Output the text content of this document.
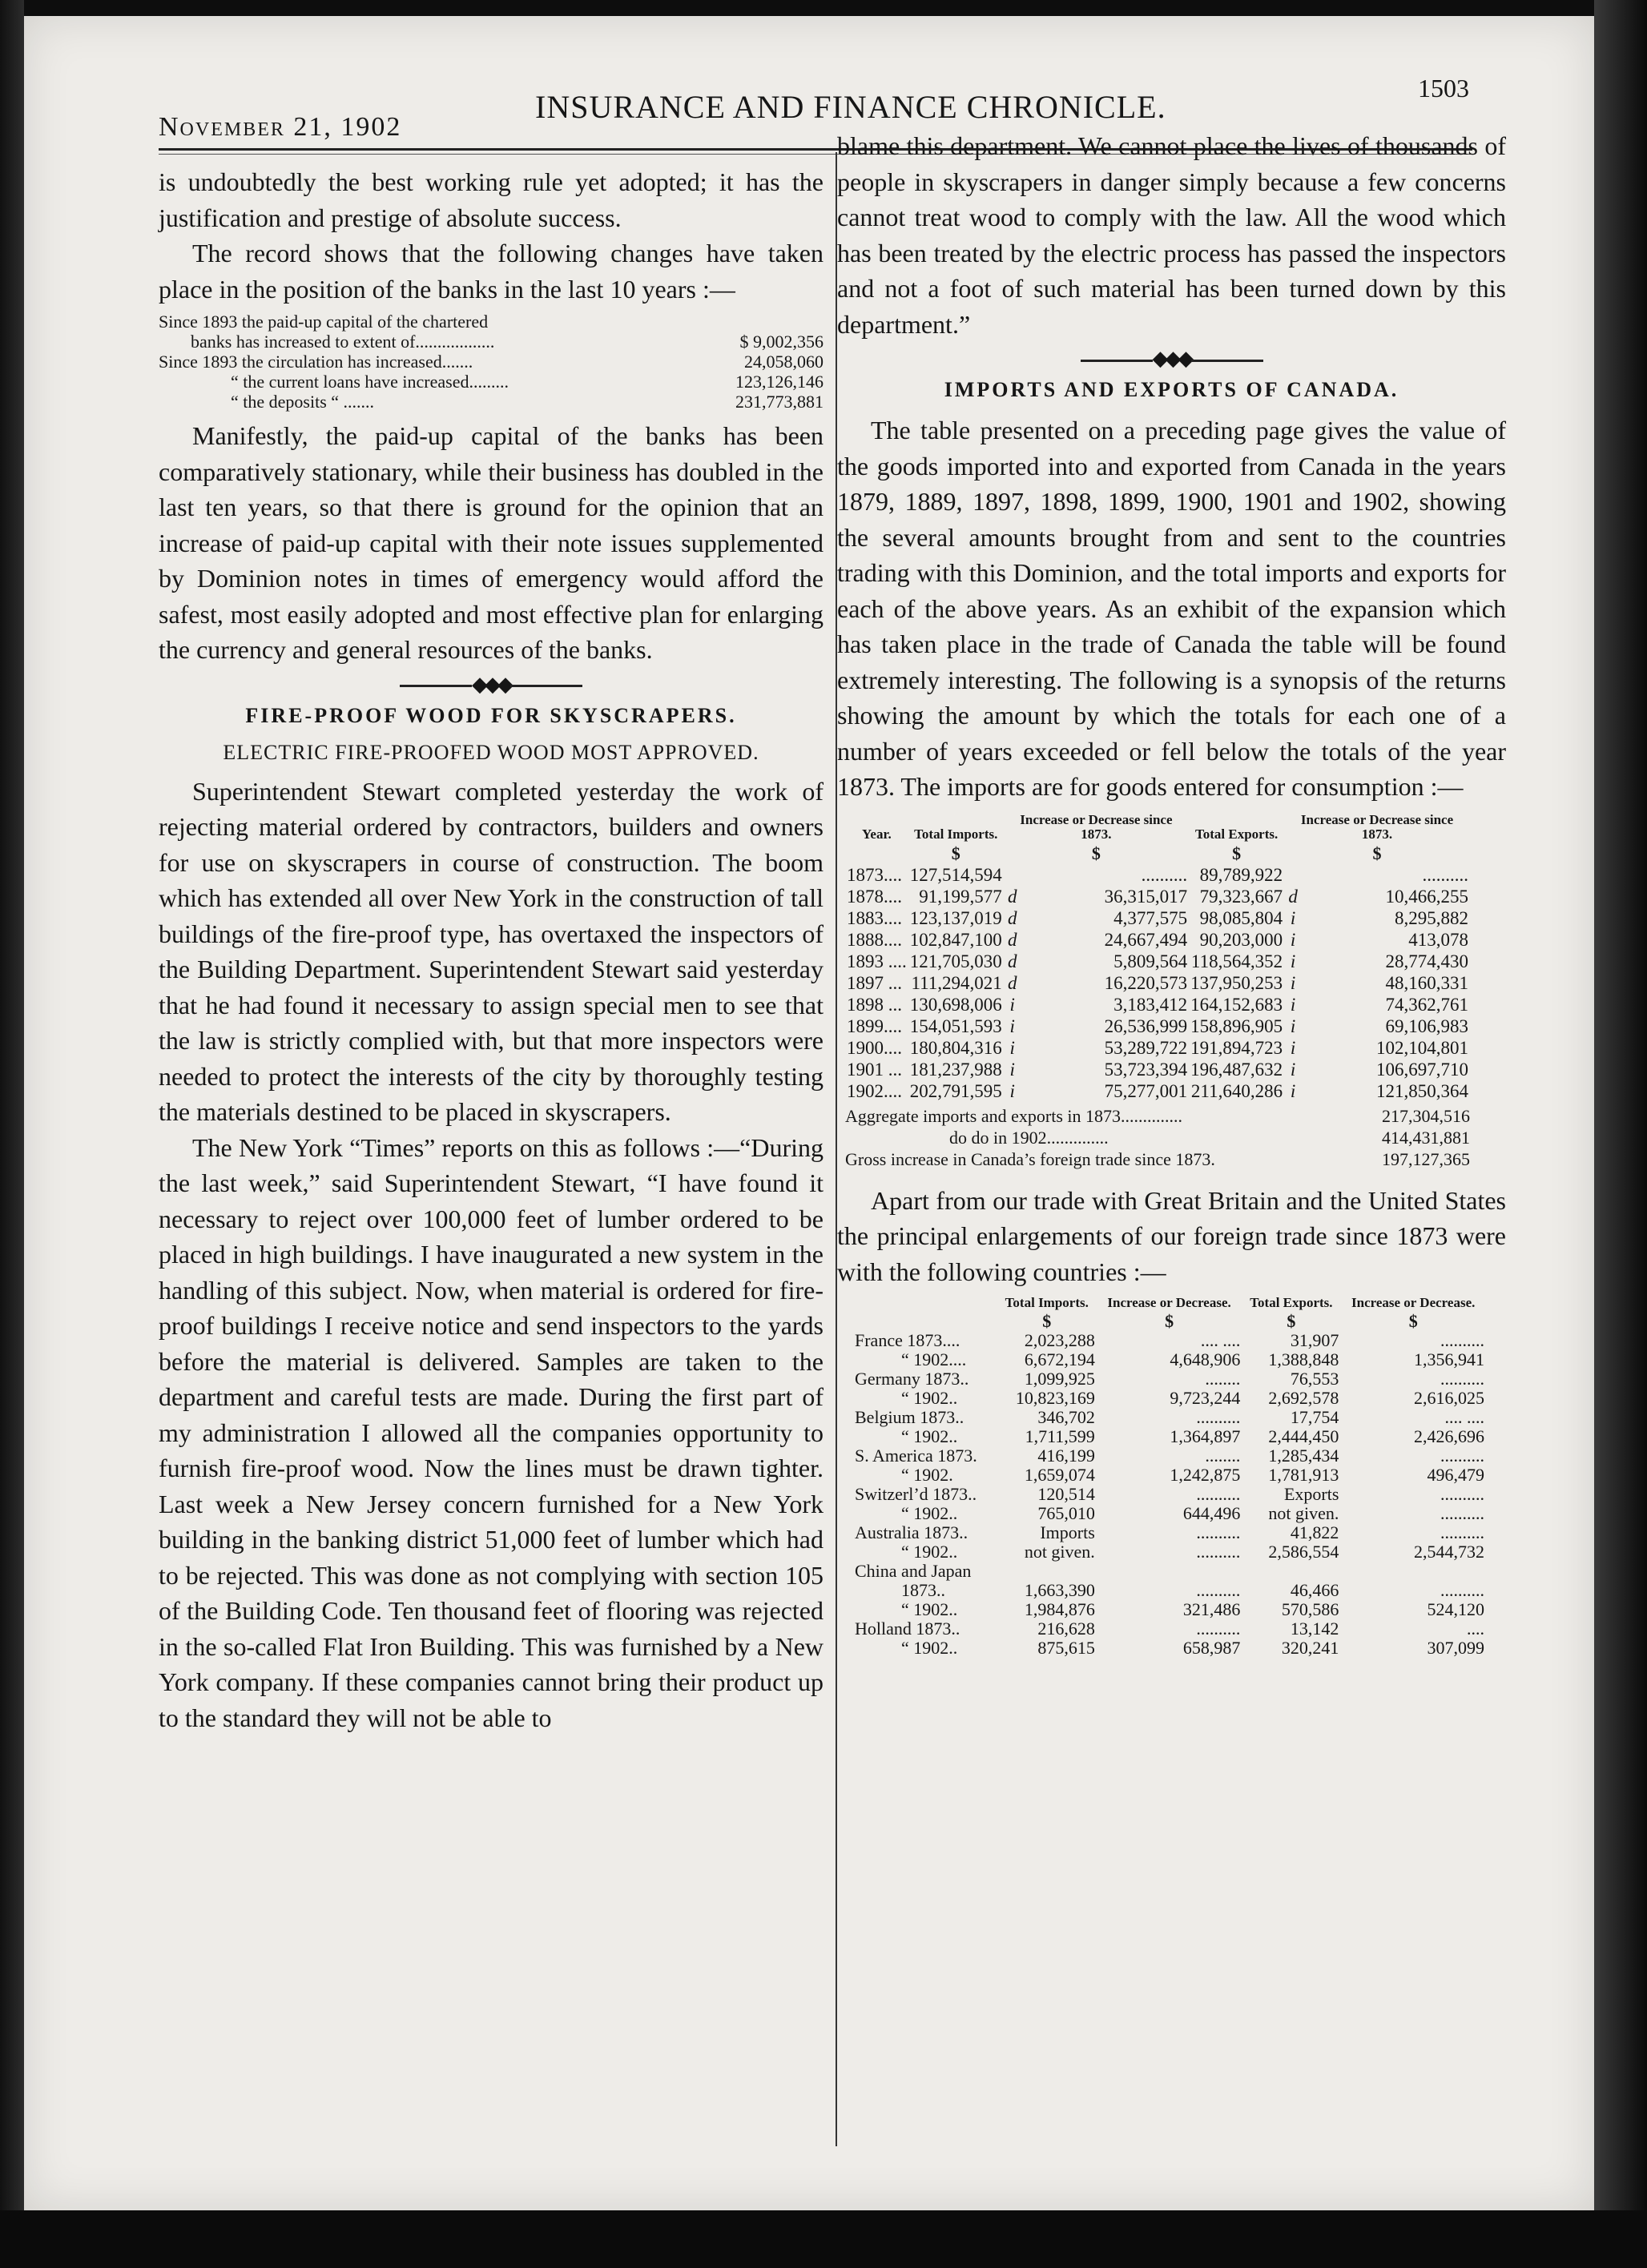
November 21, 1902
INSURANCE AND FINANCE CHRONICLE.
1503

is undoubtedly the best working rule yet adopted; it has the justification and prestige of absolute success.

The record shows that the following changes have taken place in the position of the banks in the last 10 years :—

Since 1893 the paid-up capital of the chartered
banks has increased to extent of..................	$ 9,002,356
Since 1893 the circulation has increased.......	24,058,060
“ the current loans have increased.........	123,126,146
“ the deposits “ .......	231,773,881

Manifestly, the paid-up capital of the banks has been comparatively stationary, while their business has doubled in the last ten years, so that there is ground for the opinion that an increase of paid-up capital with their note issues supplemented by Dominion notes in times of emergency would afford the safest, most easily adopted and most effective plan for enlarging the currency and general resources of the banks.

◆◆◆
FIRE-PROOF WOOD FOR SKYSCRAPERS.
ELECTRIC FIRE-PROOFED WOOD MOST APPROVED.

Superintendent Stewart completed yesterday the work of rejecting material ordered by contractors, builders and owners for use on skyscrapers in course of construction. The boom which has extended all over New York in the construction of tall buildings of the fire-proof type, has overtaxed the inspectors of the Building Department. Superintendent Stewart said yesterday that he had found it necessary to assign special men to see that the law is strictly complied with, but that more inspectors were needed to protect the interests of the city by thoroughly testing the materials destined to be placed in skyscrapers.

The New York “Times” reports on this as follows :—“During the last week,” said Superintendent Stewart, “I have found it necessary to reject over 100,000 feet of lumber ordered to be placed in high buildings. I have inaugurated a new system in the handling of this subject. Now, when material is ordered for fire-proof buildings I receive notice and send inspectors to the yards before the material is delivered. Samples are taken to the department and careful tests are made. During the first part of my administration I allowed all the companies opportunity to furnish fire-proof wood. Now the lines must be drawn tighter. Last week a New Jersey concern furnished for a New York building in the banking district 51,000 feet of lumber which had to be rejected. This was done as not complying with section 105 of the Building Code. Ten thousand feet of flooring was rejected in the so-called Flat Iron Building. This was furnished by a New York company. If these companies cannot bring their product up to the standard they will not be able to

blame this department. We cannot place the lives of thousands of people in skyscrapers in danger simply because a few concerns cannot treat wood to comply with the law. All the wood which has been treated by the electric process has passed the inspectors and not a foot of such material has been turned down by this department.”

◆◆◆
IMPORTS AND EXPORTS OF CANADA.

The table presented on a preceding page gives the value of the goods imported into and exported from Canada in the years 1879, 1889, 1897, 1898, 1899, 1900, 1901 and 1902, showing the several amounts brought from and sent to the countries trading with this Dominion, and the total imports and exports for each of the above years. As an exhibit of the expansion which has taken place in the trade of Canada the table will be found extremely interesting. The following is a synopsis of the returns showing the amount by which the totals for each one of a number of years exceeded or fell below the totals of the year 1873. The imports are for goods entered for consumption :—

Year.	Total Imports.	Increase or Decrease since 1873.		Total Exports.	Increase or Decrease since 1873.	
	$	$		$	$	
1873....	127,514,594		..........	89,789,922		..........
1878....	91,199,577	d	36,315,017	79,323,667	d	10,466,255
1883....	123,137,019	d	4,377,575	98,085,804	i	8,295,882
1888....	102,847,100	d	24,667,494	90,203,000	i	413,078
1893 ....	121,705,030	d	5,809,564	118,564,352	i	28,774,430
1897 ...	111,294,021	d	16,220,573	137,950,253	i	48,160,331
1898 ...	130,698,006	i	3,183,412	164,152,683	i	74,362,761
1899....	154,051,593	i	26,536,999	158,896,905	i	69,106,983
1900....	180,804,316	i	53,289,722	191,894,723	i	102,104,801
1901 ...	181,237,988	i	53,723,394	196,487,632	i	106,697,710
1902....	202,791,595	i	75,277,001	211,640,286	i	121,850,364
Aggregate imports and exports in 1873..............	217,304,516
do do in 1902..............	414,431,881
Gross increase in Canada’s foreign trade since 1873.	197,127,365

Apart from our trade with Great Britain and the United States the principal enlargements of our foreign trade since 1873 were with the following countries :—

	Total Imports.	Increase or Decrease.	Total Exports.	Increase or Decrease.
	$	$	$	$
France 1873....	2,023,288	.... ....	31,907	..........
“ 1902....	6,672,194	4,648,906	1,388,848	1,356,941
Germany 1873..	1,099,925	........	76,553	..........
“ 1902..	10,823,169	9,723,244	2,692,578	2,616,025
Belgium 1873..	346,702	..........	17,754	.... ....
“ 1902..	1,711,599	1,364,897	2,444,450	2,426,696
S. America 1873.	416,199	........	1,285,434	..........
“ 1902.	1,659,074	1,242,875	1,781,913	496,479
Switzerl’d 1873..	120,514	..........	Exports	..........
“ 1902..	765,010	644,496	not given.	..........
Australia 1873..	Imports	..........	41,822	..........
“ 1902..	not given.	..........	2,586,554	2,544,732
China and Japan				
1873..	1,663,390	..........	46,466	..........
“ 1902..	1,984,876	321,486	570,586	524,120
Holland 1873..	216,628	..........	13,142	....
“ 1902..	875,615	658,987	320,241	307,099
